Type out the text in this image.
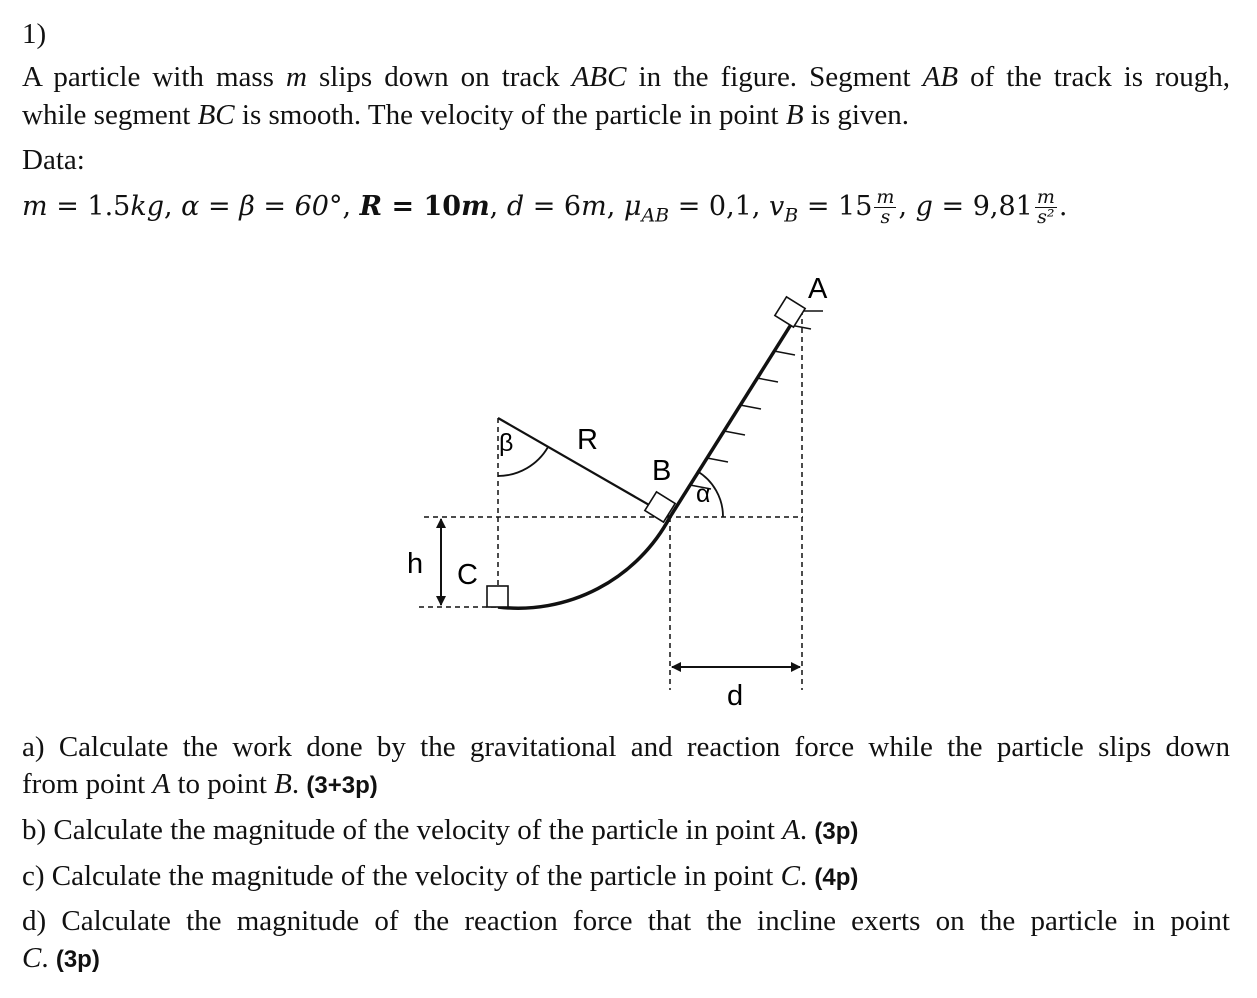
1)
A particle with mass m slips down on track ABC in the figure. Segment AB of the track is rough,
while segment BC is smooth. The velocity of the particle in point B is given.
Data:
m = 1.5kg, α = β = 60°, R = 10m, d = 6m, $\mu_{AB} = 0,1$, $v_B = 15 \frac{m}{s}$ , $g = 9,81 \frac{m}{\text{s²}}$ .
A
B
C
R
h
d
α
β
a) Calculate the work done by the gravitational and reaction force while the particle slips down
from point A to point B. (3+3p)
b) Calculate the magnitude of the velocity of the particle in point A. (3p)
c) Calculate the magnitude of the velocity of the particle in point C. (4p)
d) Calculate the magnitude of the reaction force that the incline exerts on the particle in point
C. (3p)
